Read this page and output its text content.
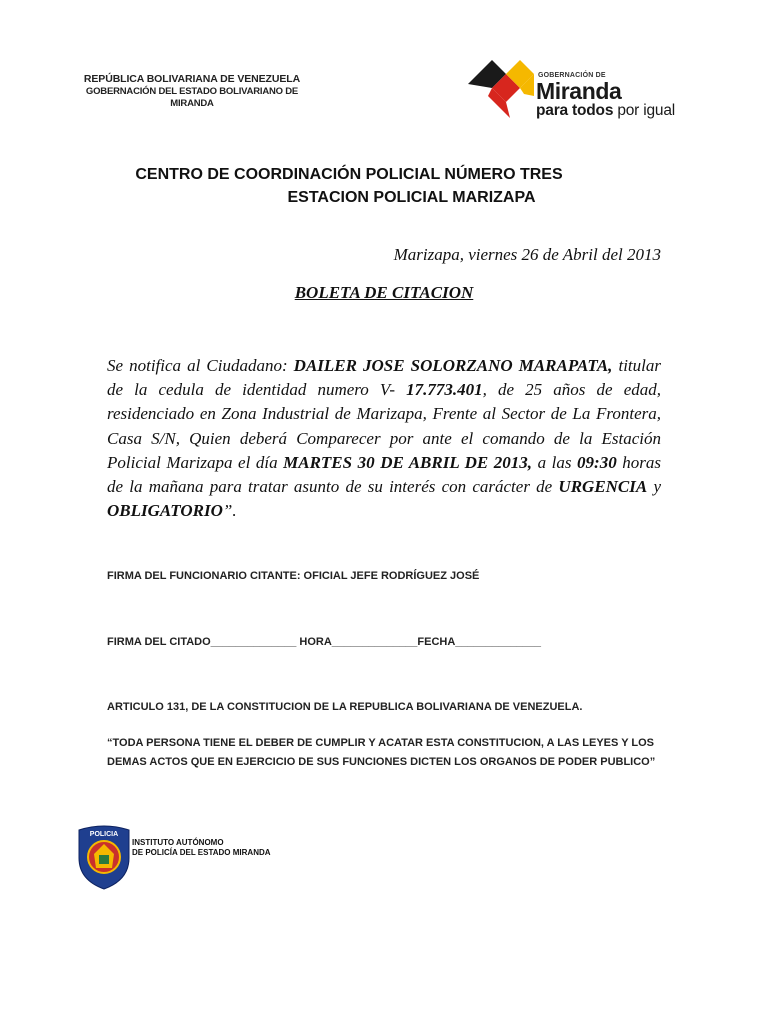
REPÚBLICA BOLIVARIANA DE VENEZUELA
GOBERNACIÓN DEL ESTADO BOLIVARIANO DE MIRANDA
GOBERNACIÓN DE
Miranda
para todos por igual
CENTRO DE COORDINACIÓN POLICIAL NÚMERO TRES
ESTACION POLICIAL MARIZAPA
Marizapa, viernes 26 de Abril del 2013
BOLETA DE CITACION
Se notifica al Ciudadano: DAILER JOSE SOLORZANO MARAPATA, titular de la cedula de identidad numero V- 17.773.401, de 25 años de edad, residenciado en Zona Industrial de Marizapa, Frente al Sector de La Frontera, Casa S/N, Quien deberá Comparecer por ante el comando de la Estación Policial Marizapa el día MARTES 30 DE ABRIL DE 2013, a las 09:30 horas de la mañana para tratar asunto de su interés con carácter de URGENCIA y OBLIGATORIO”.
FIRMA DEL FUNCIONARIO CITANTE: OFICIAL JEFE RODRÍGUEZ JOSÉ
FIRMA DEL CITADO______________ HORA______________FECHA______________
ARTICULO 131, DE LA CONSTITUCION DE LA REPUBLICA BOLIVARIANA DE VENEZUELA.
“TODA PERSONA TIENE EL DEBER DE CUMPLIR Y ACATAR ESTA CONSTITUCION, A LAS LEYES Y LOS DEMAS ACTOS QUE EN EJERCICIO DE SUS FUNCIONES DICTEN LOS ORGANOS DE PODER PUBLICO”
POLICIA
INSTITUTO AUTÓNOMO
DE POLICÍA DEL ESTADO MIRANDA
